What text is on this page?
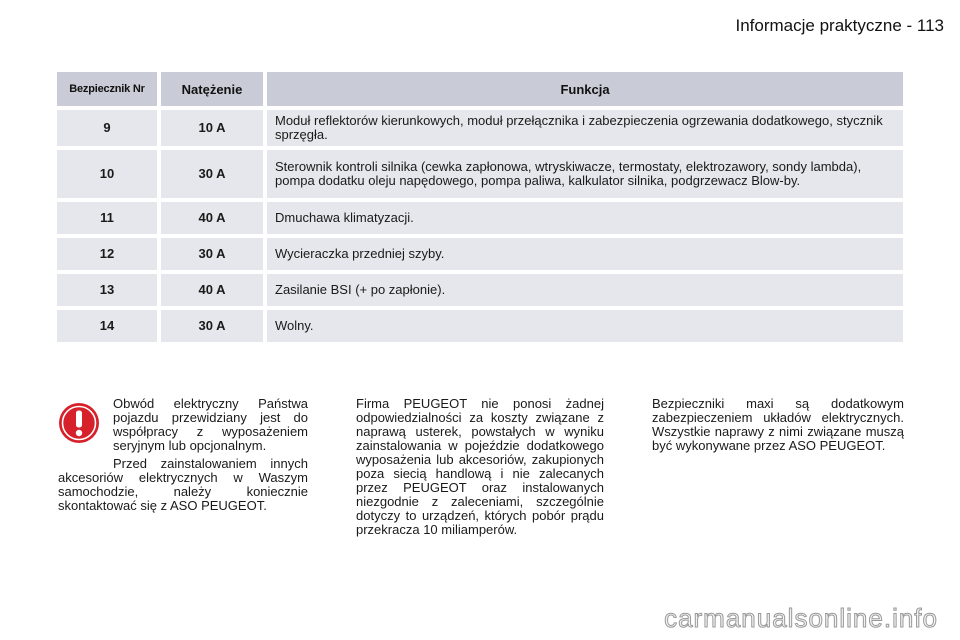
Informacje praktyczne - 113
Bezpiecznik Nr		Natężenie		Funkcja
9		10 A		Moduł reflektorów kierunkowych, moduł przełącznika i zabezpieczenia ogrzewania dodatkowego, stycznik sprzęgła.
10		30 A		Sterownik kontroli silnika (cewka zapłonowa, wtryskiwacze, termostaty, elektrozawory, sondy lambda), pompa dodatku oleju napędowego, pompa paliwa, kalkulator silnika, podgrzewacz Blow-by.
11		40 A		Dmuchawa klimatyzacji.
12		30 A		Wycieraczka przedniej szyby.
13		40 A		Zasilanie BSI (+ po zapłonie).
14		30 A		Wolny.

Obwód elektryczny Państwa pojazdu przewidziany jest do współpracy z wyposażeniem seryjnym lub opcjonalnym.

Przed zainstalowaniem innych akcesoriów elektrycznych w Waszym samochodzie, należy koniecznie skontaktować się z ASO PEUGEOT.

Firma PEUGEOT nie ponosi żadnej odpowiedzialności za koszty związane z naprawą usterek, powstałych w wyniku zainstalowania w pojeździe dodatkowego wyposażenia lub akcesoriów, zakupionych poza siecią handlową i nie zalecanych przez PEUGEOT oraz instalowanych niezgodnie z zaleceniami, szczególnie dotyczy to urządzeń, których pobór prądu przekracza 10 miliamperów.

Bezpieczniki maxi są dodatkowym zabezpieczeniem układów elektrycznych. Wszystkie naprawy z nimi związane muszą być wykonywane przez ASO PEUGEOT.

carmanualsonline.info
